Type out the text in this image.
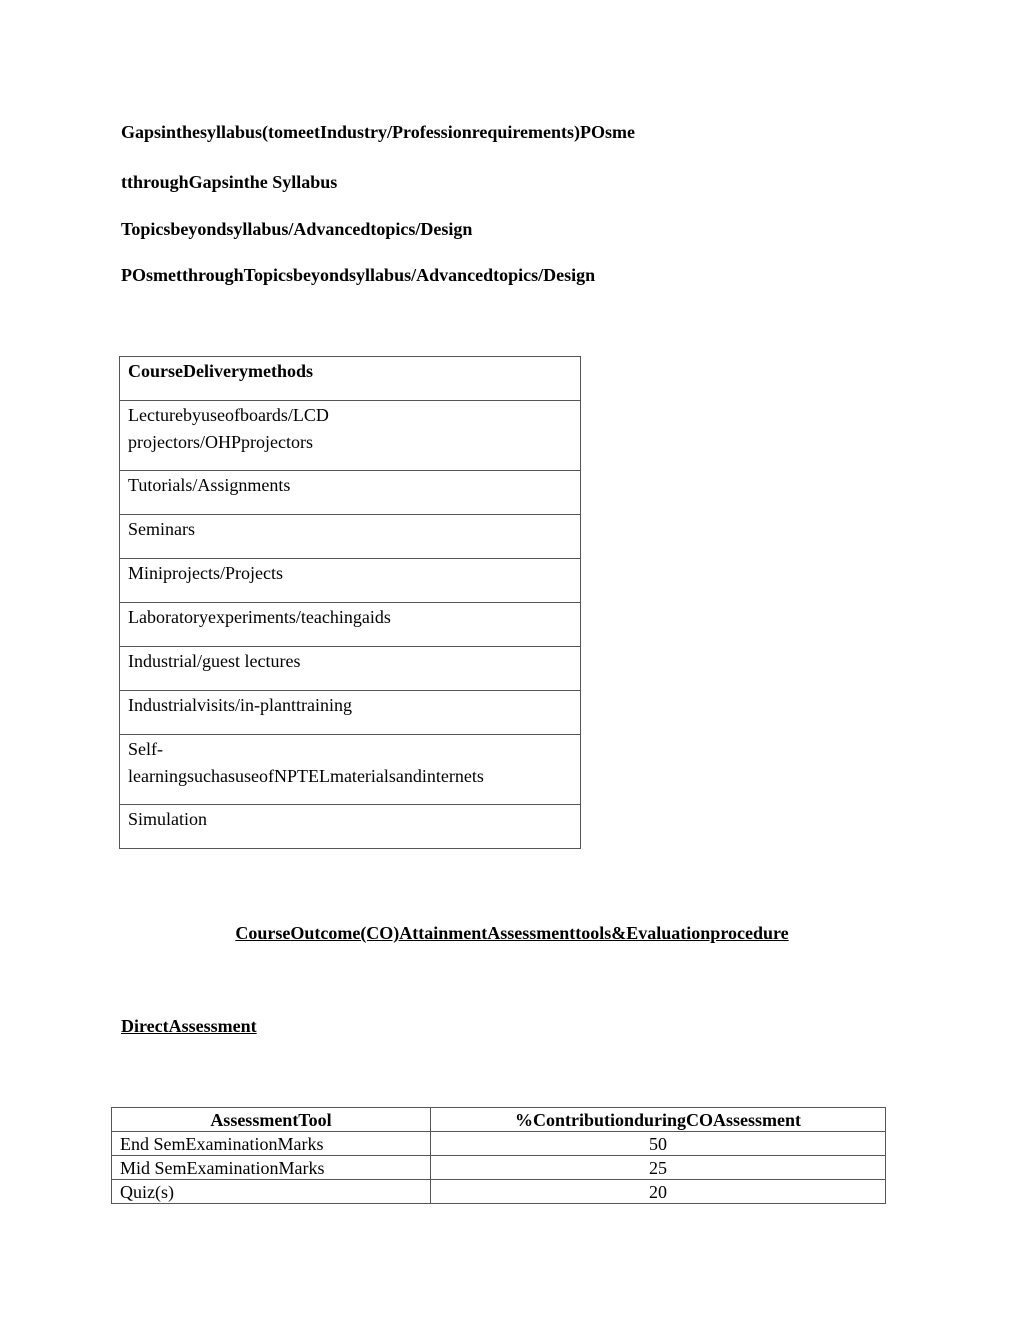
Gapsinthesyllabus(tomeetIndustry/Professionrequirements)POsme
tthroughGapsinthe Syllabus
Topicsbeyondsyllabus/Advancedtopics/Design
POsmetthroughTopicsbeyondsyllabus/Advancedtopics/Design
CourseDeliverymethods
Lecturebyuseofboards/LCD
projectors/OHPprojectors
Tutorials/Assignments
Seminars
Miniprojects/Projects
Laboratoryexperiments/teachingaids
Industrial/guest lectures
Industrialvisits/in-planttraining
Self-
learningsuchasuseofNPTELmaterialsandinternets
Simulation
CourseOutcome(CO)AttainmentAssessmenttools&Evaluationprocedure
DirectAssessment
AssessmentTool	%ContributionduringCOAssessment
End SemExaminationMarks	50
Mid SemExaminationMarks	25
Quiz(s)	20
